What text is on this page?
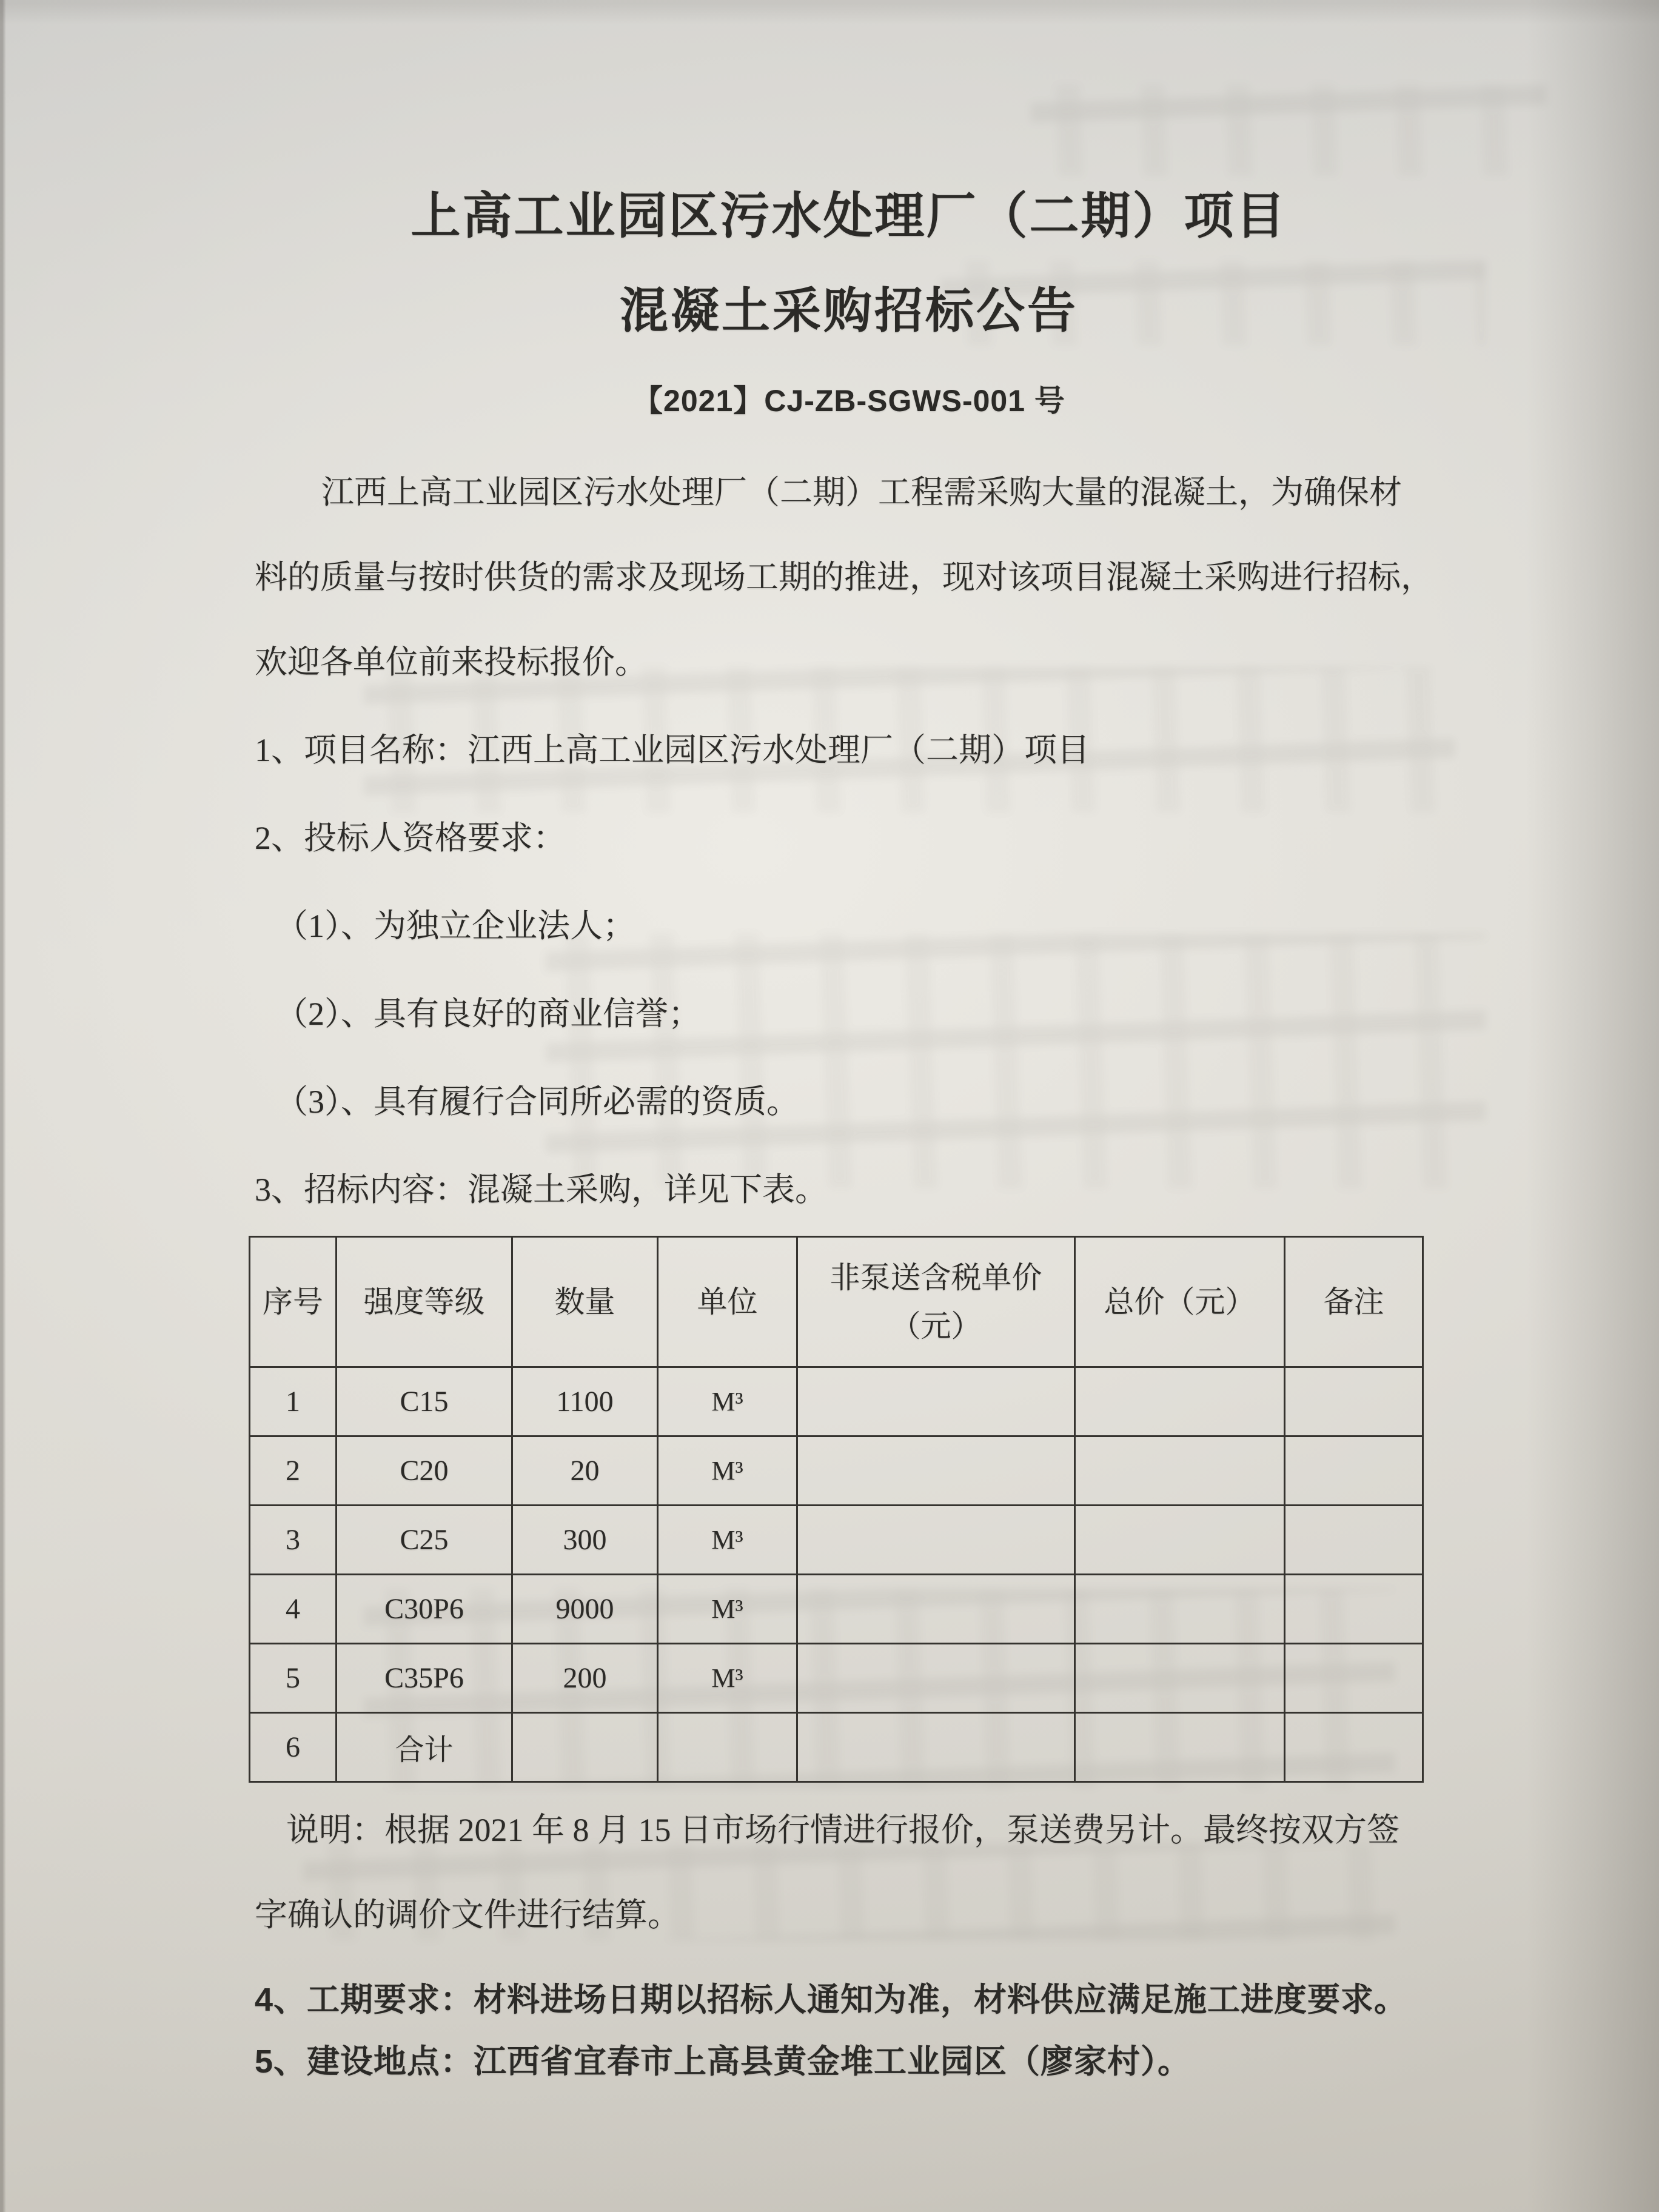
上高工业园区污水处理厂（二期）项目
混凝土采购招标公告
【2021】CJ-ZB-SGWS-001 号
江西上高工业园区污水处理厂（二期）工程需采购大量的混凝土，为确保材
料的质量与按时供货的需求及现场工期的推进，现对该项目混凝土采购进行招标，
欢迎各单位前来投标报价。
1、项目名称：江西上高工业园区污水处理厂（二期）项目
2、投标人资格要求：
（1）、为独立企业法人；
（2）、具有良好的商业信誉；
（3）、具有履行合同所必需的资质。
3、招标内容：混凝土采购，详见下表。
序号	强度等级	数量	单位	非泵送含税单价（元）	总价（元）	备注
1	C15	1100	M³			
2	C20	20	M³			
3	C25	300	M³			
4	C30P6	9000	M³			
5	C35P6	200	M³			
6	合计					
说明：根据 2021 年 8 月 15 日市场行情进行报价，泵送费另计。最终按双方签
字确认的调价文件进行结算。
4、工期要求：材料进场日期以招标人通知为准，材料供应满足施工进度要求。
5、建设地点：江西省宜春市上高县黄金堆工业园区（廖家村）。
